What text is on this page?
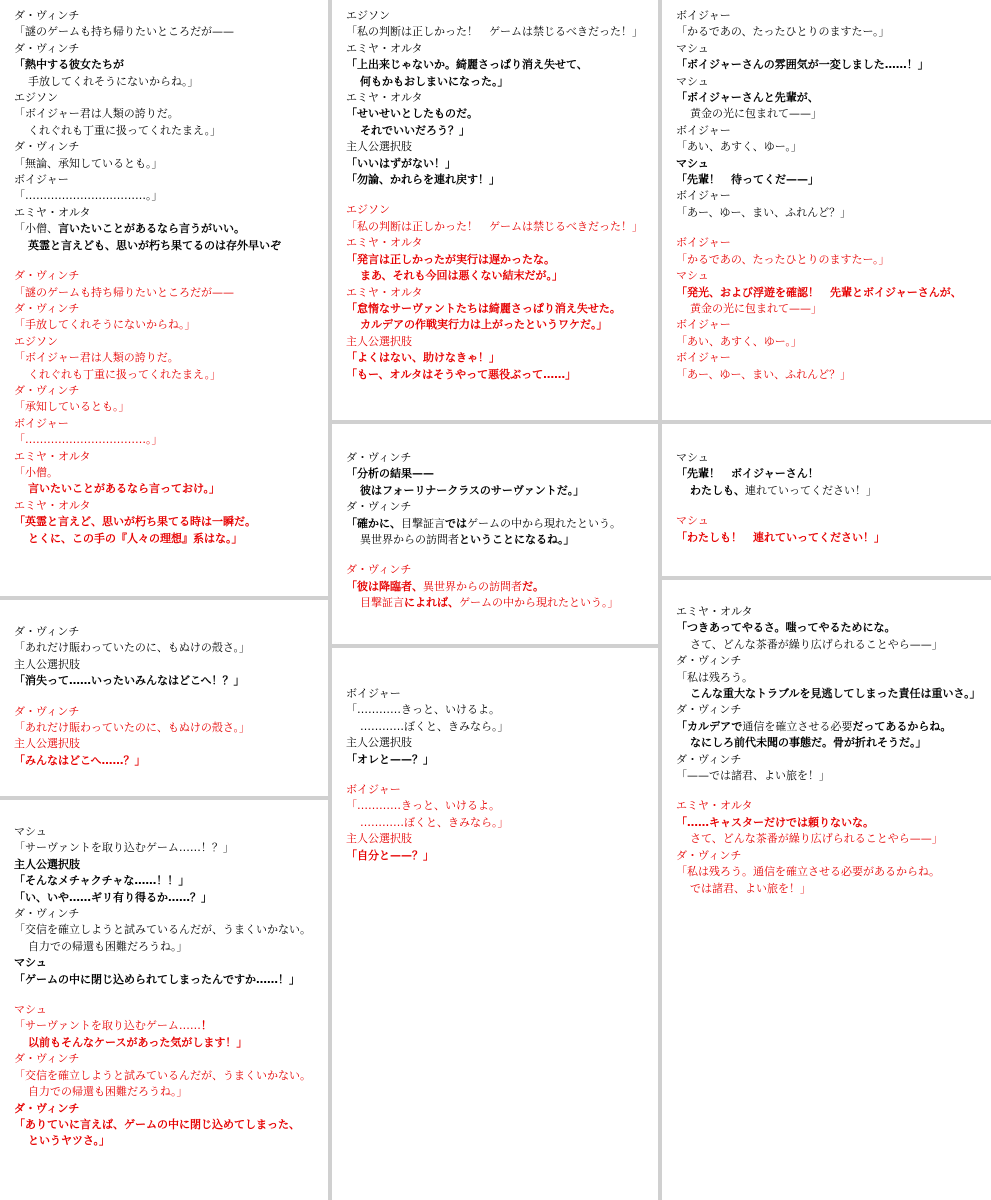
ダ・ヴィンチ
「謎のゲームも持ち帰りたいところだが——
ダ・ヴィンチ
「熱中する彼女たちが
手放してくれそうにないからね。」
エジソン
「ボイジャー君は人類の誇りだ。
くれぐれも丁重に扱ってくれたまえ。」
ダ・ヴィンチ
「無論、承知しているとも。」
ボイジャー
「……………………………。」
エミヤ・オルタ
「小僧、言いたいことがあるなら言うがいい。
英霊と言えども、思いが朽ち果てるのは存外早いぞ
ダ・ヴィンチ
「謎のゲームも持ち帰りたいところだが——
ダ・ヴィンチ
「手放してくれそうにないからね。」
エジソン
「ボイジャー君は人類の誇りだ。
くれぐれも丁重に扱ってくれたまえ。」
ダ・ヴィンチ
「承知しているとも。」
ボイジャー
「……………………………。」
エミヤ・オルタ
「小僧。
言いたいことがあるなら言っておけ。」
エミヤ・オルタ
「英霊と言えど、思いが朽ち果てる時は一瞬だ。
とくに、この手の『人々の理想』系はな。」
ダ・ヴィンチ
「あれだけ賑わっていたのに、もぬけの殻さ。」
主人公選択肢
「消失って……いったいみんなはどこへ！？」
ダ・ヴィンチ
「あれだけ賑わっていたのに、もぬけの殻さ。」
主人公選択肢
「みんなはどこへ……？」
マシュ
「サーヴァントを取り込むゲーム……！？」
主人公選択肢
「そんなメチャクチャな……！！」
「い、いや……ギリ有り得るか……？」
ダ・ヴィンチ
「交信を確立しようと試みているんだが、うまくいかない。
自力での帰還も困難だろうね。」
マシュ
「ゲームの中に閉じ込められてしまったんですか……！」
マシュ
「サーヴァントを取り込むゲーム……！
以前もそんなケースがあった気がします！」
ダ・ヴィンチ
「交信を確立しようと試みているんだが、うまくいかない。
自力での帰還も困難だろうね。」
ダ・ヴィンチ
「ありていに言えば、ゲームの中に閉じ込めてしまった、
というヤツさ。」
エジソン
「私の判断は正しかった！　ゲームは禁じるべきだった！」
エミヤ・オルタ
「上出来じゃないか。綺麗さっぱり消え失せて、
何もかもおしまいになった。」
エミヤ・オルタ
「せいせいとしたものだ。
それでいいだろう？」
主人公選択肢
「いいはずがない！」
「勿論、かれらを連れ戻す！」
エジソン
「私の判断は正しかった！　ゲームは禁じるべきだった！」
エミヤ・オルタ
「発言は正しかったが実行は遅かったな。
まあ、それも今回は悪くない結末だが。」
エミヤ・オルタ
「怠惰なサーヴァントたちは綺麗さっぱり消え失せた。
カルデアの作戦実行力は上がったというワケだ。」
主人公選択肢
「よくはない、助けなきゃ！」
「もー、オルタはそうやって悪役ぶって……」
ダ・ヴィンチ
「分析の結果——
彼はフォーリナークラスのサーヴァントだ。」
ダ・ヴィンチ
「確かに、目撃証言ではゲームの中から現れたという。
異世界からの訪問者ということになるね。」
ダ・ヴィンチ
「彼は降臨者、異世界からの訪問者だ。
目撃証言によれば、ゲームの中から現れたという。」
ボイジャー
「…………きっと、いけるよ。
…………ぼくと、きみなら。」
主人公選択肢
「オレと——？」
ボイジャー
「…………きっと、いけるよ。
…………ぼくと、きみなら。」
主人公選択肢
「自分と——？」
ボイジャー
「かるであの、たったひとりのますたー。」
マシュ
「ボイジャーさんの雰囲気が一変しました……！」
マシュ
「ボイジャーさんと先輩が、
黄金の光に包まれて——」
ボイジャー
「あい、あすく、ゆー。」
マシュ
「先輩！　待ってくだ——」
ボイジャー
「あー、ゆー、まい、ふれんど？」
ボイジャー
「かるであの、たったひとりのますたー。」
マシュ
「発光、および浮遊を確認！　先輩とボイジャーさんが、
黄金の光に包まれて——」
ボイジャー
「あい、あすく、ゆー。」
ボイジャー
「あー、ゆー、まい、ふれんど？」
マシュ
「先輩！　ボイジャーさん！
わたしも、連れていってください！」
マシュ
「わたしも！　連れていってください！」
エミヤ・オルタ
「つきあってやるさ。嗤ってやるためにな。
さて、どんな茶番が繰り広げられることやら——」
ダ・ヴィンチ
「私は残ろう。
こんな重大なトラブルを見逃してしまった責任は重いさ。」
ダ・ヴィンチ
「カルデアで通信を確立させる必要だってあるからね。
なにしろ前代未聞の事態だ。骨が折れそうだ。」
ダ・ヴィンチ
「——では諸君、よい旅を！」
エミヤ・オルタ
「……キャスターだけでは頼りないな。
さて、どんな茶番が繰り広げられることやら——」
ダ・ヴィンチ
「私は残ろう。通信を確立させる必要があるからね。
では諸君、よい旅を！」
